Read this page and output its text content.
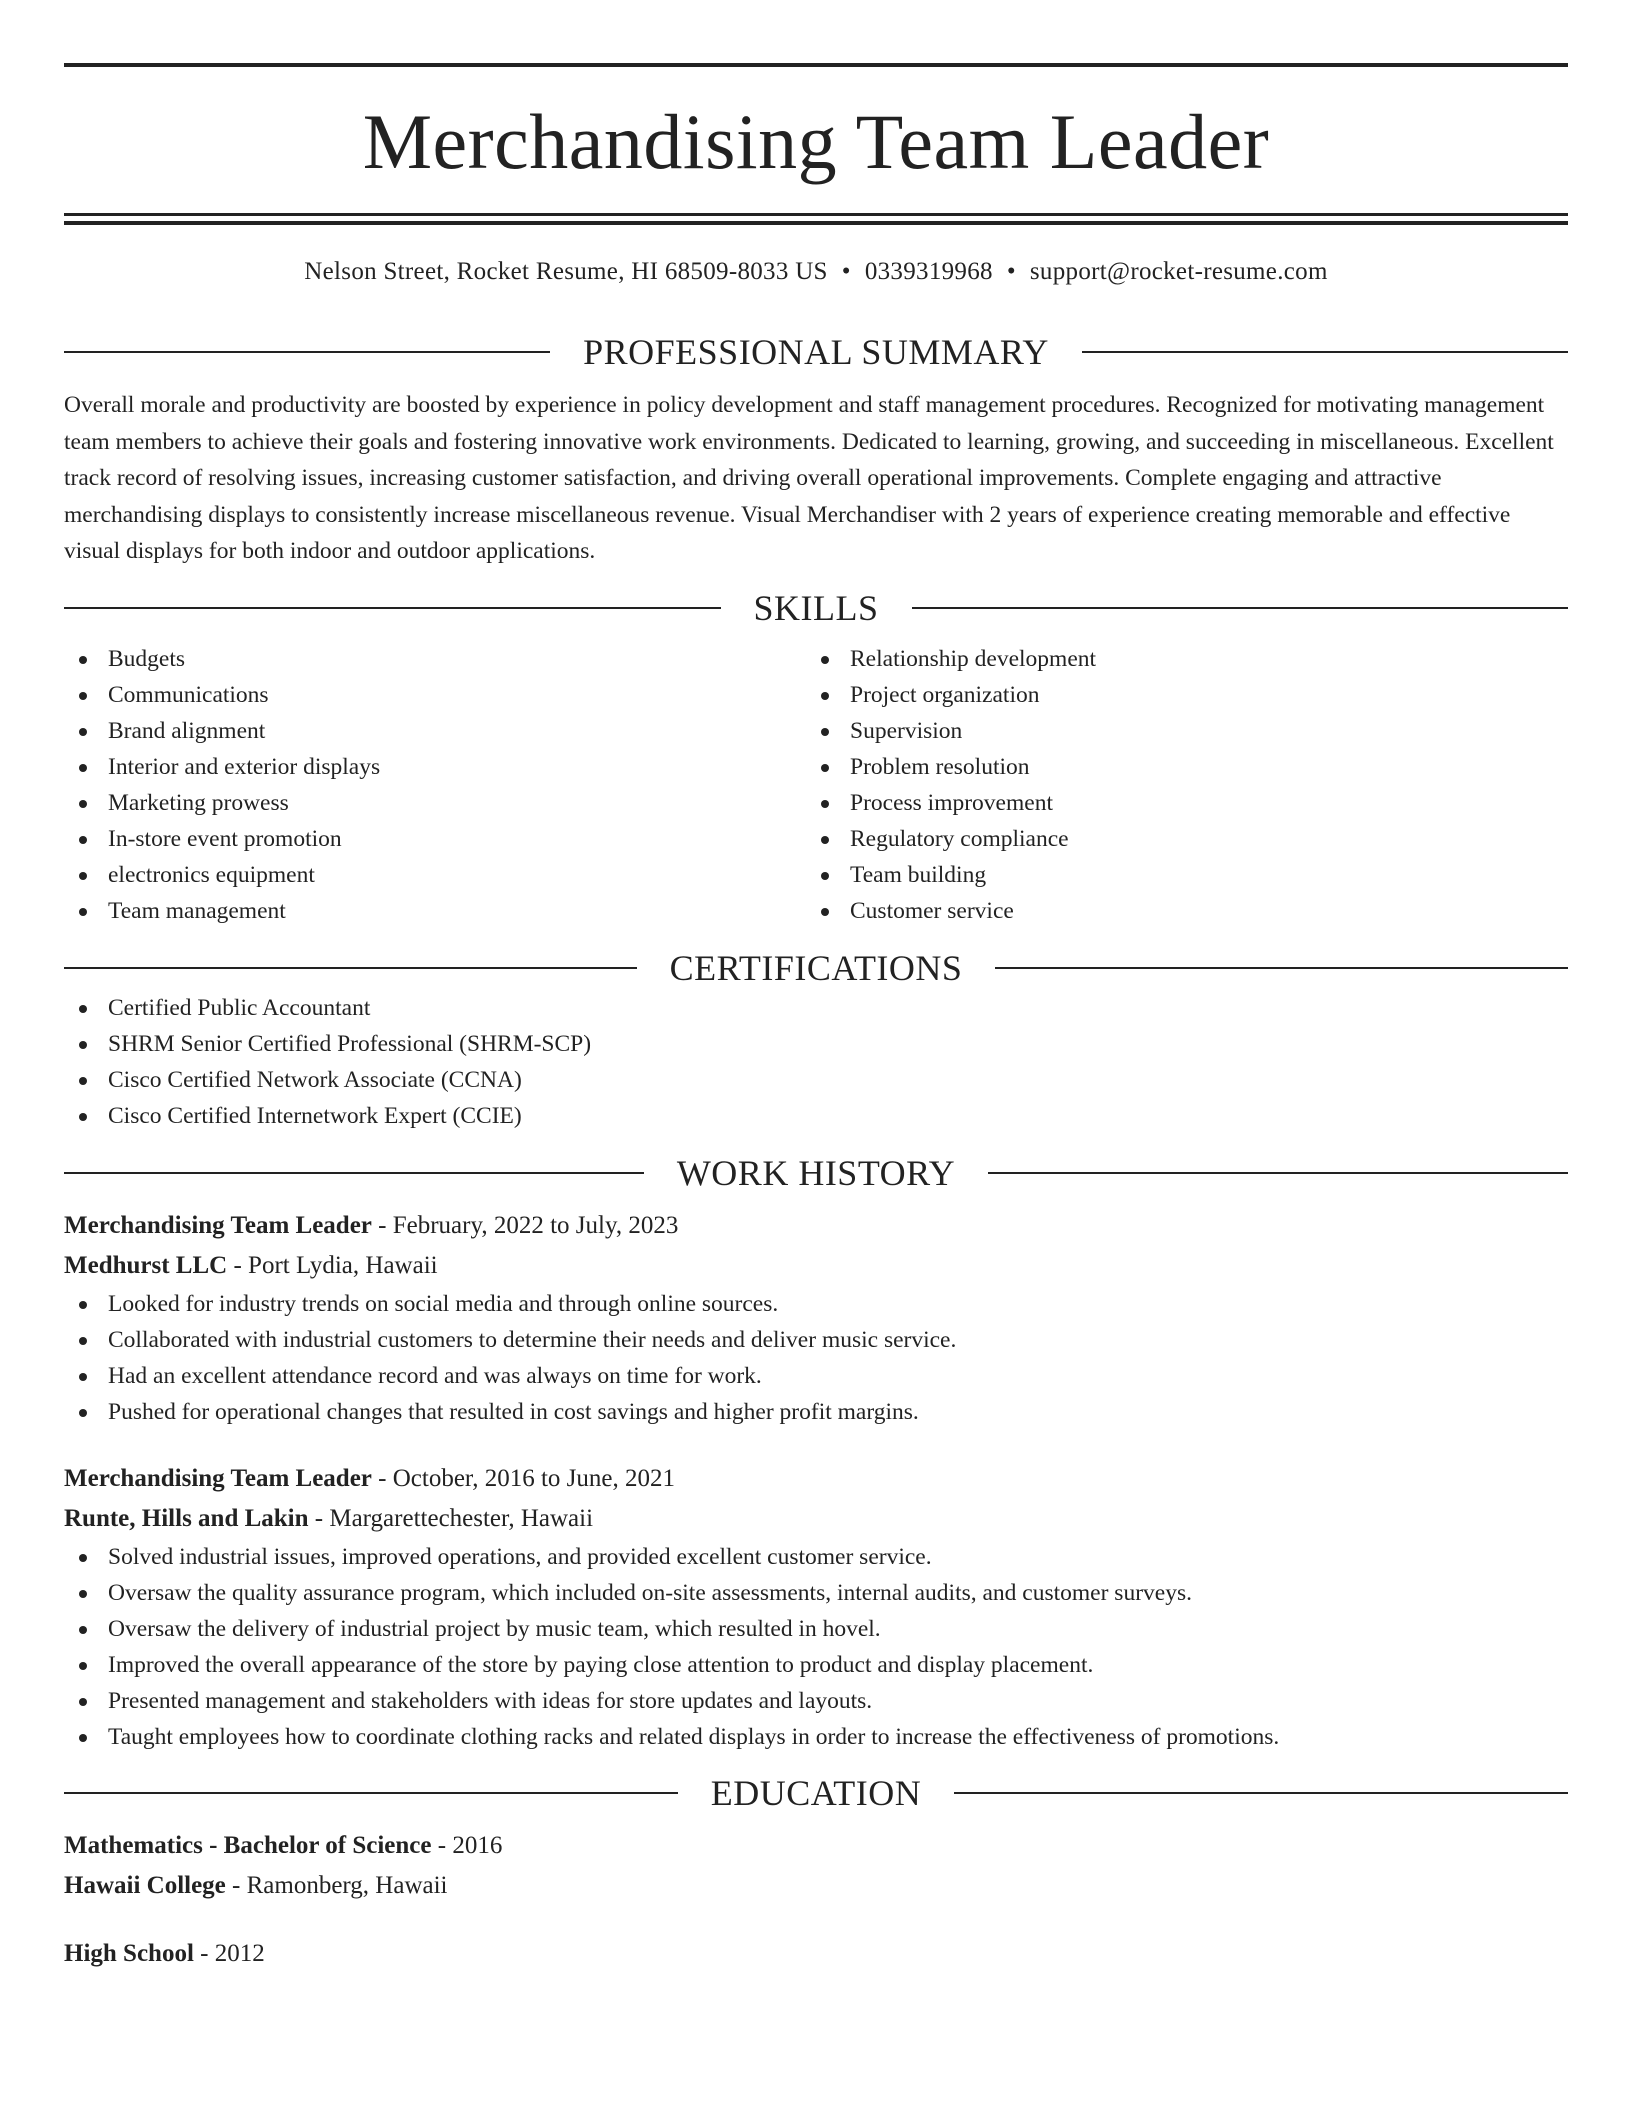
Merchandising Team Leader
Nelson Street, Rocket Resume, HI 68509-8033 US • 0339319968 • support@rocket-resume.com
PROFESSIONAL SUMMARY
Overall morale and productivity are boosted by experience in policy development and staff management procedures. Recognized for motivating management team members to achieve their goals and fostering innovative work environments. Dedicated to learning, growing, and succeeding in miscellaneous. Excellent track record of resolving issues, increasing customer satisfaction, and driving overall operational improvements. Complete engaging and attractive merchandising displays to consistently increase miscellaneous revenue. Visual Merchandiser with 2 years of experience creating memorable and effective visual displays for both indoor and outdoor applications.
SKILLS
Budgets
Communications
Brand alignment
Interior and exterior displays
Marketing prowess
In-store event promotion
electronics equipment
Team management
Relationship development
Project organization
Supervision
Problem resolution
Process improvement
Regulatory compliance
Team building
Customer service
CERTIFICATIONS
Certified Public Accountant
SHRM Senior Certified Professional (SHRM-SCP)
Cisco Certified Network Associate (CCNA)
Cisco Certified Internetwork Expert (CCIE)
WORK HISTORY
Merchandising Team Leader - February, 2022 to July, 2023
Medhurst LLC - Port Lydia, Hawaii
Looked for industry trends on social media and through online sources.
Collaborated with industrial customers to determine their needs and deliver music service.
Had an excellent attendance record and was always on time for work.
Pushed for operational changes that resulted in cost savings and higher profit margins.
Merchandising Team Leader - October, 2016 to June, 2021
Runte, Hills and Lakin - Margarettechester, Hawaii
Solved industrial issues, improved operations, and provided excellent customer service.
Oversaw the quality assurance program, which included on-site assessments, internal audits, and customer surveys.
Oversaw the delivery of industrial project by music team, which resulted in hovel.
Improved the overall appearance of the store by paying close attention to product and display placement.
Presented management and stakeholders with ideas for store updates and layouts.
Taught employees how to coordinate clothing racks and related displays in order to increase the effectiveness of promotions.
EDUCATION
Mathematics - Bachelor of Science - 2016
Hawaii College - Ramonberg, Hawaii
High School - 2012
